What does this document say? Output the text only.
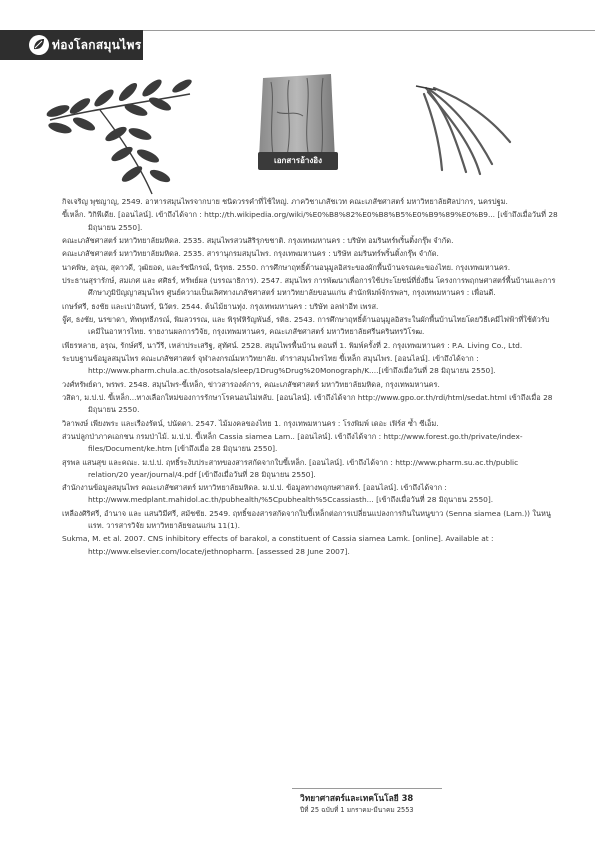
ท่องโลกสมุนไพร
เอกสารอ้างอิง

กิจเจริญ พุชญาญ, 2549. อาหารสมุนไพรจากบาย ชนิดวรรคำที่ใช้ใหญ่. ภาควิชาเภสัชเวท คณะเภสัชศาสตร์ มหาวิทยาลัยศิลปากร, นครปฐม.

ขี้เหล็ก. วิกิพีเดีย. [ออนไลน์]. เข้าถึงได้จาก : http://th.wikipedia.org/wiki/%E0%B8%82%E0%B8%B5%E0%B9%89%E0%B9... [เข้าถึงเมื่อวันที่ 28 มิถุนายน 2550].

คณะเภสัชศาสตร์ มหาวิทยาลัยมหิดล. 2535. สมุนไพรสวนสิริรุกขชาติ. กรุงเทพมหานคร : บริษัท อมรินทร์พริ้นติ้งกรุ๊พ จำกัด.

คณะเภสัชศาสตร์ มหาวิทยาลัยมหิดล. 2535. สารานุกรมสมุนไพร. กรุงเทพมหานคร : บริษัท อมรินทร์พริ้นติ้งกรุ๊พ จำกัด.

นาคพิษ, อรุณ, สุดาวดี, วุฒิยอด, และรัชนีกรณ์, นิรุทธ. 2550. การศึกษาฤทธิ์ต้านอนุมูลอิสระของผักพื้นบ้านจรณคะของไทย. กรุงเทพมหานคร.

ประธานสุรารักษ์, สมเกศ และ ศศิธร์, ทรัพย์ผล (บรรณาธิการ). 2547. สมุนไพร การพัฒนาเพื่อการใช้ประโยชน์ที่ยั่งยืน โครงการพฤกษศาสตร์พื้นบ้านและการศึกษาภูมิปัญญาสมุนไพร ศูนย์ความเป็นเลิศทางเภสัชศาสตร์ มหาวิทยาลัยขอนแก่น สำนักพิมพ์จักรพลฯ, กรุงเทพมหานคร : เพื่อนดี.

เกษร์ศรี, ธงชัย และเปาอินทร์, นิวัตร. 2544. ต้นไม้ยานทุ่ง. กรุงเทพมหานคร : บริษัท อลฟ่าอีท เพรส.

จู๊ศ, ธงชัย, นรขาดา, ทัพพุทธีภรณ์, พิมลวรรณ, และ พิรุฬหิรัญพันธ์, รติธ. 2543. การศึกษาฤทธิ์ต้านอนุมูลอิสระในผักพื้นบ้านไทยโดยวิธีเคมีไฟฟ้าที่ใช้ตัวรับเคมีในอาหารไทย. รายงานผลการวิจัย, กรุงเทพมหานคร, คณะเภสัชศาสตร์ มหาวิทยาลัยศรีนครินทรวิโรฒ.

เพียรหลาย, อรุณ, รักษ์ศรี, นาวีรี, เหล่าประเสริฐ, สุทัศน์. 2528. สมุนไพรพื้นบ้าน ตอนที่ 1. พิมพ์ครั้งที่ 2. กรุงเทพมหานคร : P.A. Living Co., Ltd.

ระบบฐานข้อมูลสมุนไพร คณะเภสัชศาสตร์ จุฬาลงกรณ์มหาวิทยาลัย. ตำราสมุนไพรไทย ขี้เหล็ก สมุนไพร. [ออนไลน์]. เข้าถึงได้จาก : http://www.pharm.chula.ac.th/osotsala/sleep/1Drug%Drug%20Monograph/K....[เข้าถึงเมื่อวันที่ 28 มิถุนายน 2550].

วงศ์ทรัพย์ดา, พรพร. 2548. สมุนไพร-ขี้เหล็ก, ข่าวสารองค์การ, คณะเภสัชศาสตร์ มหาวิทยาลัยมหิดล, กรุงเทพมหานคร.

วสิดา, ม.ป.ป. ขี้เหล็ก...ทางเลือกใหม่ของการรักษาโรคนอนไม่หลับ. [ออนไลน์]. เข้าถึงได้จาก http://www.gpo.or.th/rdi/html/sedat.html เข้าถึงเมื่อ 28 มิถุนายน 2550.

วิลาพงษ์ เพียงพระ และเรืองรัตน์, ปนัดดา. 2547. ไม้มงคลของไทย 1. กรุงเทพมหานคร : โรงพิมพ์ เดอะ เฟิร์ส ซ้ำ ซีเอ็ม.

ส่วนปลูกป่าภาคเอกชน กรมป่าไม้. ม.ป.ป. ขี้เหล็ก Cassia siamea Lam.. [ออนไลน์]. เข้าถึงได้จาก : http://www.forest.go.th/private/index-files/Document/ke.htm [เข้าถึงเมื่อ 28 มิถุนายน 2550].

สุรพล แสนสุข และคณะ. ม.ป.ป. ฤทธิ์ระงับประสาทของสารสกัดจากใบขี้เหล็ก. [ออนไลน์]. เข้าถึงได้จาก : http://www.pharm.su.ac.th/public relation/20 year/journal/4.pdf [เข้าถึงเมื่อวันที่ 28 มิถุนายน 2550].

สำนักงานข้อมูลสมุนไพร คณะเภสัชศาสตร์ มหาวิทยาลัยมหิดล. ม.ป.ป. ข้อมูลทางพฤกษศาสตร์. [ออนไลน์]. เข้าถึงได้จาก : http://www.medplant.mahidol.ac.th/pubhealth/%5Cpubhealth%5Ccassiasth... [เข้าถึงเมื่อวันที่ 28 มิถุนายน 2550].

เหลืองศิริศรี, อำนาจ และ แสนวิมีศรี, สมัชชัย. 2549. ฤทธิ์ของสารสกัดจากใบขี้เหล็กต่อการเปลี่ยนแปลงการกินในหนูขาว (Senna siamea (Lam.)) ในหนูแรท. วารสารวิจัย มหาวิทยาลัยขอนแก่น 11(1).

Sukma, M. et al. 2007. CNS inhibitory effects of barakol, a constituent of Cassia siamea Lamk. [online]. Available at : http://www.elsevier.com/locate/jethnopharm. [assessed 28 June 2007].

วิทยาศาสตร์และเทคโนโลยี 38
ปีที่ 25 ฉบับที่ 1 มกราคม-มีนาคม 2553
